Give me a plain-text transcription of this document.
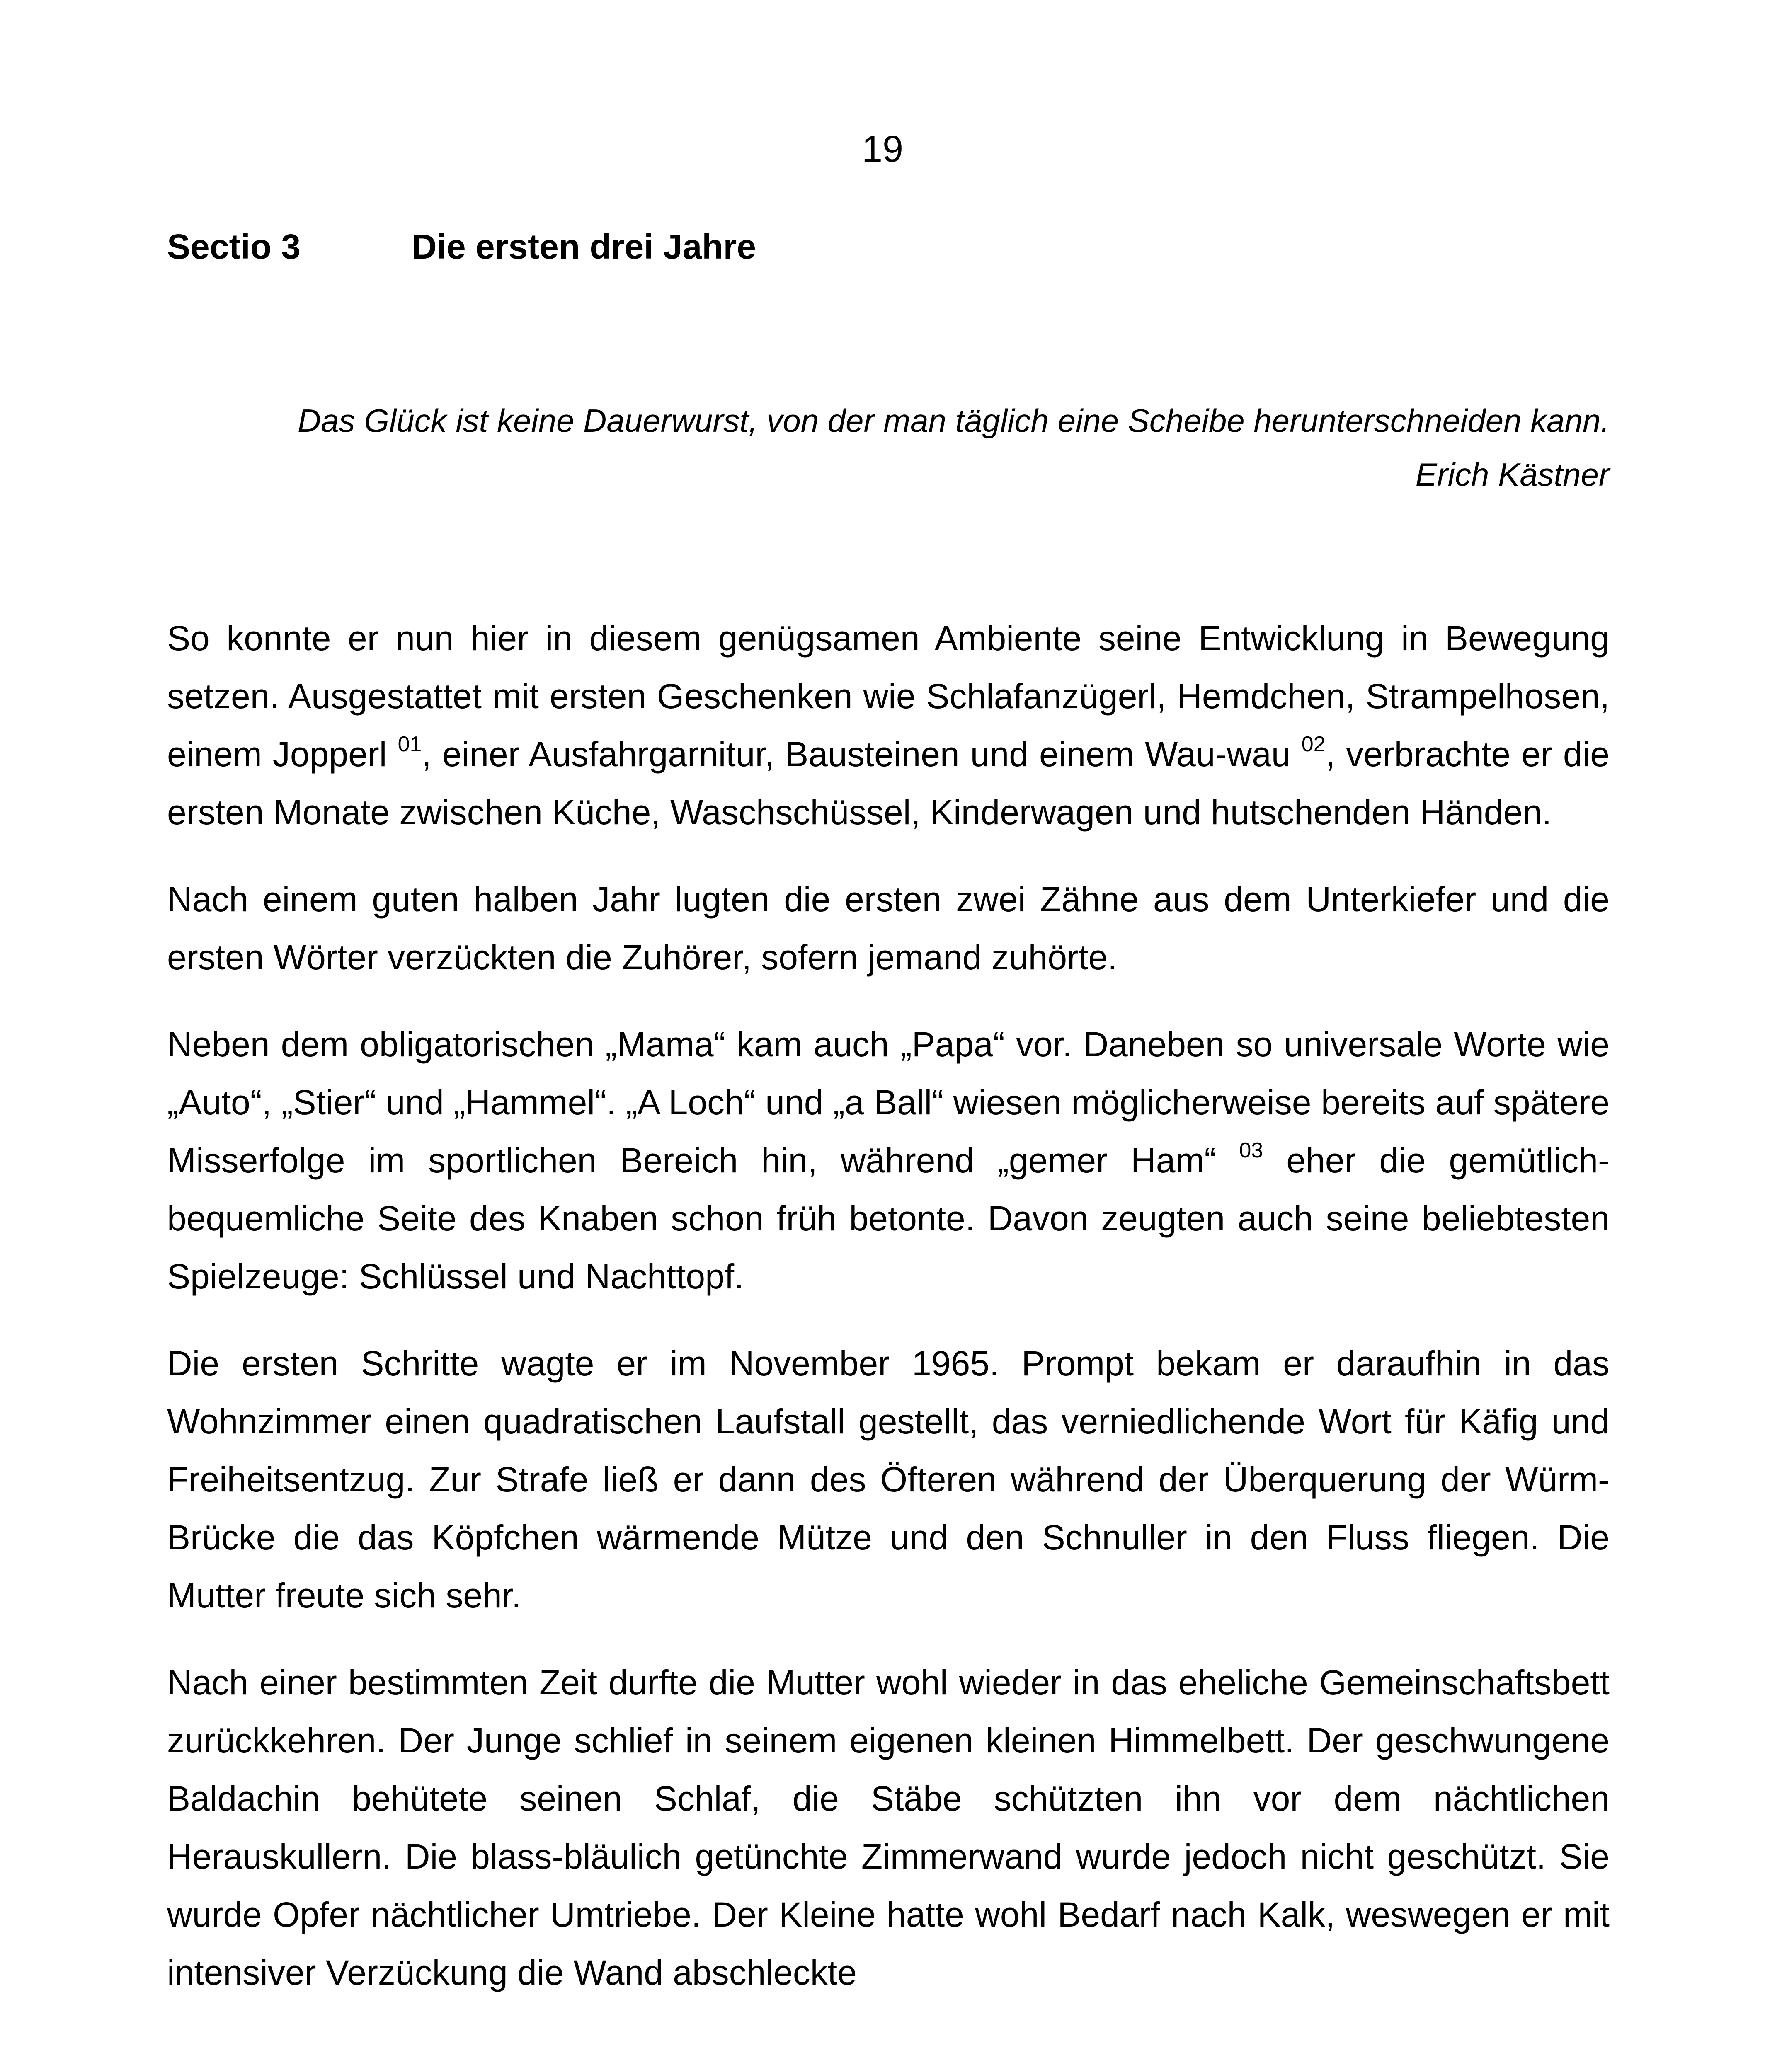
19
Sectio 3	Die ersten drei Jahre

Das Glück ist keine Dauerwurst, von der man täglich eine Scheibe herunterschneiden kann.

Erich Kästner

So konnte er nun hier in diesem genügsamen Ambiente seine Entwicklung in Bewegung setzen. Ausgestattet mit ersten Geschenken wie Schlafanzügerl, Hemdchen, Strampelhosen, einem Jopperl $^{01}$, einer Ausfahrgarnitur, Bausteinen und einem Wau-wau $^{02}$, verbrachte er die ersten Monate zwischen Küche, Waschschüssel, Kinderwagen und hutschenden Händen.

Nach einem guten halben Jahr lugten die ersten zwei Zähne aus dem Unterkiefer und die ersten Wörter verzückten die Zuhörer, sofern jemand zuhörte.

Neben dem obligatorischen „Mama“ kam auch „Papa“ vor. Daneben so universale Worte wie „Auto“, „Stier“ und „Hammel“. „A Loch“ und „a Ball“ wiesen möglicherweise bereits auf spätere Misserfolge im sportlichen Bereich hin, während „gemer Ham“ $^{03}$ eher die gemütlich-bequemliche Seite des Knaben schon früh betonte. Davon zeugten auch seine beliebtesten Spielzeuge: Schlüssel und Nachttopf.

Die ersten Schritte wagte er im November 1965. Prompt bekam er daraufhin in das Wohnzimmer einen quadratischen Laufstall gestellt, das verniedlichende Wort für Käfig und Freiheitsentzug. Zur Strafe ließ er dann des Öfteren während der Überquerung der Würm-Brücke die das Köpfchen wärmende Mütze und den Schnuller in den Fluss fliegen. Die Mutter freute sich sehr.

Nach einer bestimmten Zeit durfte die Mutter wohl wieder in das eheliche Gemeinschaftsbett zurückkehren. Der Junge schlief in seinem eigenen kleinen Himmelbett. Der geschwungene Baldachin behütete seinen Schlaf, die Stäbe schützten ihn vor dem nächtlichen Herauskullern. Die blass-bläulich getünchte Zimmerwand wurde jedoch nicht geschützt. Sie wurde Opfer nächtlicher Umtriebe. Der Kleine hatte wohl Bedarf nach Kalk, weswegen er mit intensiver Verzückung die Wand abschleckte
